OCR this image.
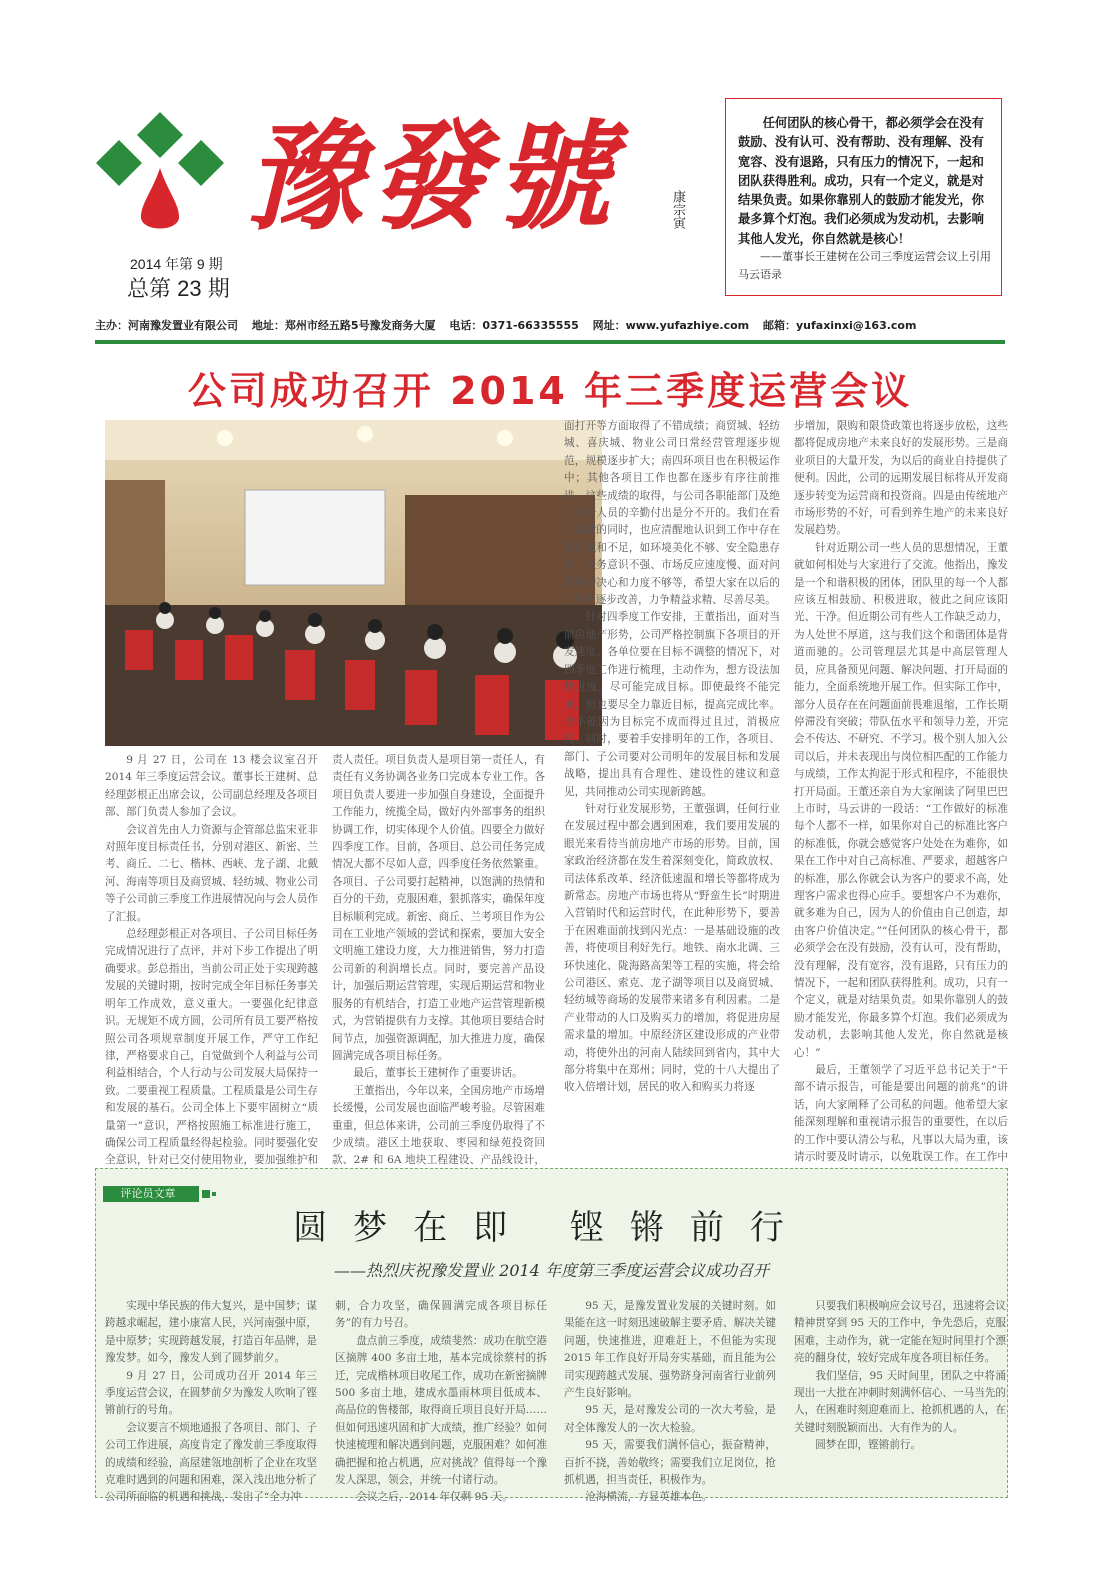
豫發號	康宗寅
2014 年第 9 期
总第 23 期

任何团队的核心骨干，都必须学会在没有鼓励、没有认可、没有帮助、没有理解、没有宽容、没有退路，只有压力的情况下，一起和团队获得胜利。成功，只有一个定义，就是对结果负责。如果你靠别人的鼓励才能发光，你最多算个灯泡。我们必须成为发动机，去影响其他人发光，你自然就是核心！

——董事长王建树在公司三季度运营会议上引用马云语录

主办：河南豫发置业有限公司 地址：郑州市经五路5号豫发商务大厦 电话：0371-66335555 网址：www.yufazhiye.com 邮箱：yufaxinxi@163.com
公司成功召开 2014 年三季度运营会议

9 月 27 日，公司在 13 楼会议室召开 2014 年三季度运营会议。董事长王建树、总经理彭根正出席会议，公司副总经理及各项目部、部门负责人参加了会议。

会议首先由人力资源与企管部总监宋亚非对照年度目标责任书，分别对港区、新密、兰考、商丘、二七、楷林、西峡、龙子湖、北戴河、海南等项目及商贸城、轻纺城、物业公司等子公司前三季度工作进展情况向与会人员作了汇报。

总经理彭根正对各项目、子公司目标任务完成情况进行了点评，并对下步工作提出了明确要求。彭总指出，当前公司正处于实现跨越发展的关键时期，按时完成全年目标任务事关明年工作成效，意义重大。一要强化纪律意识。无规矩不成方圆，公司所有员工要严格按照公司各项规章制度开展工作，严守工作纪律，严格要求自己，自觉做到个人利益与公司利益相结合，个人行动与公司发展大局保持一致。二要重视工程质量。工程质量是公司生存和发展的基石。公司全体上下要牢固树立“质量第一”意识，严格按照施工标准进行施工，确保公司工程质量经得起检验。同时要强化安全意识，针对已交付使用物业，要加强维护和

责人责任。项目负责人是项目第一责任人，有责任有义务协调各业务口完成本专业工作。各项目负责人要进一步加强自身建设，全面提升工作能力，统揽全局，做好内外部事务的组织协调工作，切实体现个人价值。四要全力做好四季度工作。目前，各项目、总公司任务完成情况大都不尽如人意，四季度任务依然繁重。各项目、子公司要打起精神，以饱满的热情和百分的干劲，克服困难，狠抓落实，确保年度目标顺利完成。新密、商丘、兰考项目作为公司在工业地产领域的尝试和探索，要加大安全文明施工建设力度，大力推进销售，努力打造公司新的利润增长点。同时，要完善产品设计，加强后期运营管理，实现后期运营和物业服务的有机结合，打造工业地产运营管理新模式，为营销提供有力支撑。其他项目要结合时间节点，加强资源调配，加大推进力度，确保圆满完成各项目标任务。

最后，董事长王建树作了重要讲话。

王董指出，今年以来，全国房地产市场增长缓慢，公司发展也面临严峻考验。尽管困难重重，但总体来讲，公司前三季度仍取得了不少成绩。港区土地获取、枣园和绿苑投资回款、2# 和 6A 地块工程建设、产品线设计，

面打开等方面取得了不错成绩；商贸城、轻纺城、喜庆城、物业公司日常经营管理逐步规范，规模逐步扩大；南四环项目也在积极运作中；其他各项目工作也都在逐步有序往前推进。这些成绩的取得，与公司各职能部门及绝大部分人员的辛勤付出是分不开的。我们在看到成绩的同时，也应清醒地认识到工作中存在的问题和不足，如环境美化不够、安全隐患存在、服务意识不强、市场反应速度慢、面对问题时的决心和力度不够等，希望大家在以后的工作中逐步改善，力争精益求精、尽善尽美。

针对四季度工作安排，王董指出，面对当前房地产形势，公司严格控制旗下各项目的开发速度。各单位要在目标不调整的情况下，对四季度工作进行梳理，主动作为，想方设法加快进度，尽可能完成目标。即使最终不能完成，但也要尽全力靠近目标，提高完成比率。决不能因为目标完不成而得过且过，消极应付。同时，要着手安排明年的工作，各项目、部门、子公司要对公司明年的发展目标和发展战略，提出具有合理性、建设性的建议和意见，共同推动公司实现新跨越。

针对行业发展形势，王董强调，任何行业在发展过程中都会遇到困难，我们要用发展的眼光来看待当前房地产市场的形势。目前，国家政治经济都在发生着深刻变化，简政放权、司法体系改革、经济低速温和增长等都将成为新常态。房地产市场也将从“野蛮生长”时期进入营销时代和运营时代，在此种形势下，要善于在困难面前找到闪光点：一是基础设施的改善，将使项目利好先行。地铁、南水北调、三环快速化、陇海路高架等工程的实施，将会给公司港区、索克、龙子湖等项目以及商贸城、轻纺城等商场的发展带来诸多有利因素。二是产业带动的人口及购买力的增加，将促进房屋需求量的增加。中原经济区建设形成的产业带动，将使外出的河南人陆续回到省内，其中大部分将集中在郑州；同时，党的十八大提出了收入倍增计划，居民的收入和购买力将逐

步增加，限购和限贷政策也将逐步放松，这些都将促成房地产未来良好的发展形势。三是商业项目的大量开发，为以后的商业自持提供了便利。因此，公司的远期发展目标将从开发商逐步转变为运营商和投资商。四是由传统地产市场形势的不好，可看到养生地产的未来良好发展趋势。

针对近期公司一些人员的思想情况，王董就如何相处与大家进行了交流。他指出，豫发是一个和谐积极的团体，团队里的每一个人都应该互相鼓励、积极进取，彼此之间应该阳光、干净。但近期公司有些人工作缺乏动力，为人处世不厚道，这与我们这个和谐团体是背道而驰的。公司管理层尤其是中高层管理人员，应具备预见问题、解决问题、打开局面的能力，全面系统地开展工作。但实际工作中，部分人员存在在问题面前畏难退缩，工作长期停滞没有突破；带队伍水平和领导力差，开完会不传达、不研究、不学习。极个别人加入公司以后，并未表现出与岗位相匹配的工作能力与成绩，工作太拘泥于形式和程序，不能很快打开局面。王董还亲自为大家阐读了阿里巴巴上市时，马云讲的一段话：“工作做好的标准每个人都不一样，如果你对自己的标准比客户的标准低，你就会感觉客户处处在为难你，如果在工作中对自己高标准、严要求，超越客户的标准，那么你就会认为客户的要求不高，处理客户需求也得心应手。要想客户不为难你，就多难为自己，因为人的价值由自己创造，却由客户价值决定。”“任何团队的核心骨干，都必须学会在没有鼓励，没有认可，没有帮助，没有理解，没有宽容，没有退路，只有压力的情况下，一起和团队获得胜利。成功，只有一个定义，就是对结果负责。如果你靠别人的鼓励才能发光，你最多算个灯泡。我们必须成为发动机，去影响其他人发光，你自然就是核心！”

最后，王董领学了习近平总书记关于“干部不请示报告，可能是要出问题的前兆”的讲话，向大家阐释了公司私的问题。他希望大家能深刻理解和重视请示报告的重要性，在以后的工作中要认清公与私，凡事以大局为重，该请示时要及时请示，以免耽误工作。在工作中

评论员文章
圆梦在即 铿锵前行
——热烈庆祝豫发置业 2014 年度第三季度运营会议成功召开

实现中华民族的伟大复兴，是中国梦；谋跨越求崛起，建小康富人民，兴河南强中原，是中原梦；实现跨越发展，打造百年品牌，是豫发梦。如今，豫发人到了圆梦前夕。

9 月 27 日，公司成功召开 2014 年三季度运营会议，在圆梦前夕为豫发人吹响了铿锵前行的号角。

会议要言不烦地通报了各项目、部门、子公司工作进展，高度肯定了豫发前三季度取得的成绩和经验，高屋建瓴地剖析了企业在攻坚克难时遇到的问题和困难，深入浅出地分析了公司所面临的机遇和挑战，发出了“全力冲

刺，合力攻坚，确保圆满完成各项目标任务”的有力号召。

盘点前三季度，成绩斐然：成功在航空港区摘牌 400 多亩土地，基本完成徐蔡村的拆迁，完成楷林项目收尾工作，成功在新密摘牌 500 多亩土地，建成水墨雨林项目低成本、高品位的售楼部，取得商丘项目良好开局……但如何迅速巩固和扩大成绩，推广经验？如何快速梳理和解决遇到问题，克服困难？如何准确把握和抢占机遇，应对挑战？值得每一个豫发人深思，领会，并统一付诸行动。

会议之后，2014 年仅剩 95 天。

95 天，是豫发置业发展的关键时刻。如果能在这一时刻迅速破解主要矛盾、解决关键问题，快速推进，迎难赶上，不但能为实现 2015 年工作良好开局夯实基础，而且能为公司实现跨越式发展、强势跻身河南省行业前列产生良好影响。

95 天，是对豫发公司的一次大考验，是对全体豫发人的一次大检验。

95 天，需要我们满怀信心，振奋精神，百折不挠，善始敬终；需要我们立足岗位，抢抓机遇，担当责任，积极作为。

沧海横流，方显英雄本色。

只要我们积极响应会议号召，迅速将会议精神贯穿到 95 天的工作中，争先恐后，克服困难，主动作为，就一定能在短时间里打个漂亮的翻身仗，较好完成年度各项目标任务。

我们坚信，95 天时间里，团队之中将涌现出一大批在冲刺时刻满怀信心、一马当先的人，在困难时刻迎难而上、抢抓机遇的人，在关键时刻脱颖而出、大有作为的人。

圆梦在即，铿锵前行。
